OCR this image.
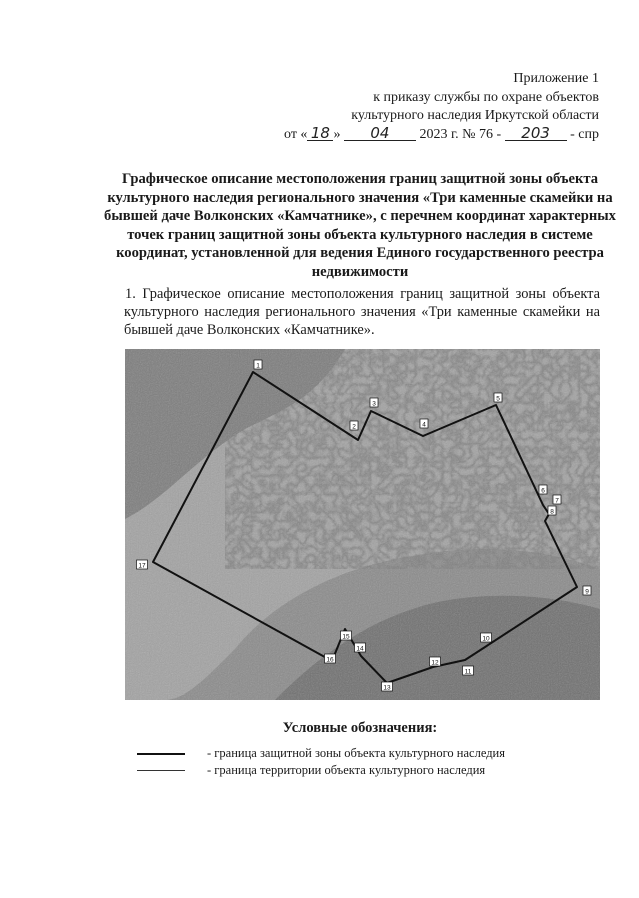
Приложение 1
к приказу службы по охране объектов
культурного наследия Иркутской области
от « 18 » 04 2023 г. № 76 - 203 - спр
Графическое описание местоположения границ защитной зоны объекта культурного наследия регионального значения «Три каменные скамейки на бывшей даче Волконских «Камчатнике», с перечнем координат характерных точек границ защитной зоны объекта культурного наследия в системе координат, установленной для ведения Единого государственного реестра недвижимости
1. Графическое описание местоположения границ защитной зоны объекта культурного наследия регионального значения «Три каменные скамейки на бывшей даче Волконских «Камчатнике».
1
2
3
4
5
6
7
8
9
10
11
12
13
14
15
16
17
Условные обозначения:
- граница защитной зоны объекта культурного наследия
- граница территории объекта культурного наследия
